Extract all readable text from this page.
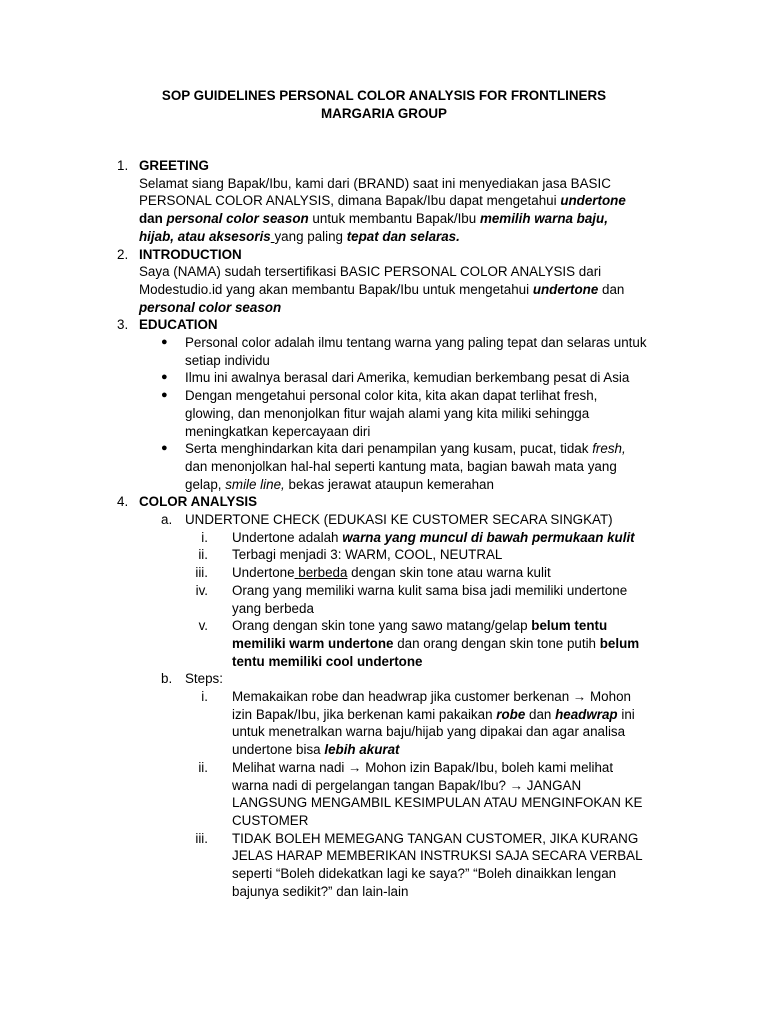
SOP GUIDELINES PERSONAL COLOR ANALYSIS FOR FRONTLINERS
MARGARIA GROUP
1. GREETING
Selamat siang Bapak/Ibu, kami dari (BRAND) saat ini menyediakan jasa BASIC
PERSONAL COLOR ANALYSIS, dimana Bapak/Ibu dapat mengetahui undertone
dan personal color season untuk membantu Bapak/Ibu memilih warna baju,
hijab, atau aksesoris yang paling tepat dan selaras.
2. INTRODUCTION
Saya (NAMA) sudah tersertifikasi BASIC PERSONAL COLOR ANALYSIS dari
Modestudio.id yang akan membantu Bapak/Ibu untuk mengetahui undertone dan
personal color season
3. EDUCATION
● Personal color adalah ilmu tentang warna yang paling tepat dan selaras untuk
setiap individu
● Ilmu ini awalnya berasal dari Amerika, kemudian berkembang pesat di Asia
● Dengan mengetahui personal color kita, kita akan dapat terlihat fresh,
glowing, dan menonjolkan fitur wajah alami yang kita miliki sehingga
meningkatkan kepercayaan diri
● Serta menghindarkan kita dari penampilan yang kusam, pucat, tidak fresh,
dan menonjolkan hal-hal seperti kantung mata, bagian bawah mata yang
gelap, smile line, bekas jerawat ataupun kemerahan
4. COLOR ANALYSIS
a. UNDERTONE CHECK (EDUKASI KE CUSTOMER SECARA SINGKAT)
i. Undertone adalah warna yang muncul di bawah permukaan kulit
ii. Terbagi menjadi 3: WARM, COOL, NEUTRAL
iii. Undertone berbeda dengan skin tone atau warna kulit
iv. Orang yang memiliki warna kulit sama bisa jadi memiliki undertone
yang berbeda
v. Orang dengan skin tone yang sawo matang/gelap belum tentu
memiliki warm undertone dan orang dengan skin tone putih belum
tentu memiliki cool undertone
b. Steps:
i. Memakaikan robe dan headwrap jika customer berkenan → Mohon
izin Bapak/Ibu, jika berkenan kami pakaikan robe dan headwrap ini
untuk menetralkan warna baju/hijab yang dipakai dan agar analisa
undertone bisa lebih akurat
ii. Melihat warna nadi → Mohon izin Bapak/Ibu, boleh kami melihat
warna nadi di pergelangan tangan Bapak/Ibu? → JANGAN
LANGSUNG MENGAMBIL KESIMPULAN ATAU MENGINFOKAN KE
CUSTOMER
iii. TIDAK BOLEH MEMEGANG TANGAN CUSTOMER, JIKA KURANG
JELAS HARAP MEMBERIKAN INSTRUKSI SAJA SECARA VERBAL
seperti “Boleh didekatkan lagi ke saya?” “Boleh dinaikkan lengan
bajunya sedikit?” dan lain-lain
